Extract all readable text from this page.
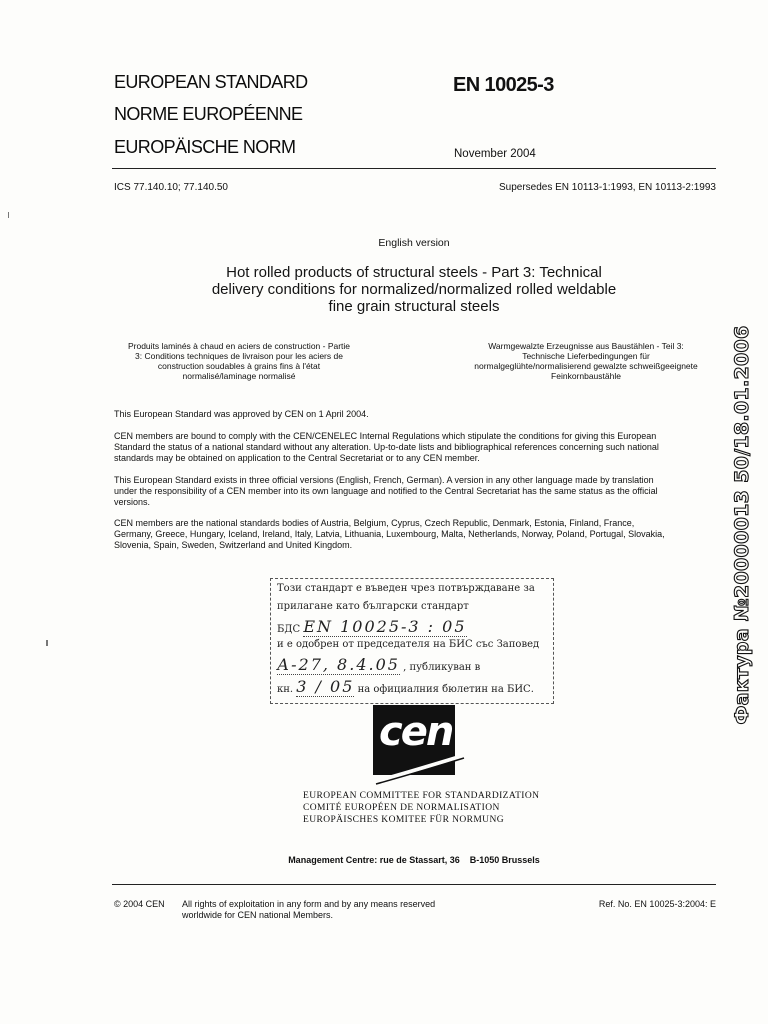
EUROPEAN STANDARD
NORME EUROPÉENNE
EUROPÄISCHE NORM
EN 10025-3
November 2004
ICS 77.140.10; 77.140.50	Supersedes EN 10113-1:1993, EN 10113-2:1993
English version
Hot rolled products of structural steels - Part 3: Technical
delivery conditions for normalized/normalized rolled weldable
fine grain structural steels
Produits laminés à chaud en aciers de construction - Partie
3: Conditions techniques de livraison pour les aciers de
construction soudables à grains fins à l'état
normalisé/laminage normalisé
Warmgewalzte Erzeugnisse aus Baustählen - Teil 3:
Technische Lieferbedingungen für
normalgeglühte/normalisierend gewalzte schweißgeeignete
Feinkornbaustähle
This European Standard was approved by CEN on 1 April 2004.
CEN members are bound to comply with the CEN/CENELEC Internal Regulations which stipulate the conditions for giving this European
Standard the status of a national standard without any alteration. Up-to-date lists and bibliographical references concerning such national
standards may be obtained on application to the Central Secretariat or to any CEN member.
This European Standard exists in three official versions (English, French, German). A version in any other language made by translation
under the responsibility of a CEN member into its own language and notified to the Central Secretariat has the same status as the official
versions.
CEN members are the national standards bodies of Austria, Belgium, Cyprus, Czech Republic, Denmark, Estonia, Finland, France,
Germany, Greece, Hungary, Iceland, Ireland, Italy, Latvia, Lithuania, Luxembourg, Malta, Netherlands, Norway, Poland, Portugal, Slovakia,
Slovenia, Spain, Sweden, Switzerland and United Kingdom.
Този стандарт е въведен чрез потвърждаване за
прилагане като български стандарт
БДС EN 10025-3 : 05
и е одобрен от председателя на БИС със Заповед
А-27, 8.4.05 , публикуван в
кн. 3 / 05 на официалния бюлетин на БИС.
cen
EUROPEAN COMMITTEE FOR STANDARDIZATION
COMITÉ EUROPÉEN DE NORMALISATION
EUROPÄISCHES KOMITEE FÜR NORMUNG
Management Centre: rue de Stassart, 36    B-1050 Brussels
© 2004 CEN All rights of exploitation in any form and by any means reserved
worldwide for CEN national Members.
Ref. No. EN 10025-3:2004: E
Фактура №20000013 50/18.01.2006
